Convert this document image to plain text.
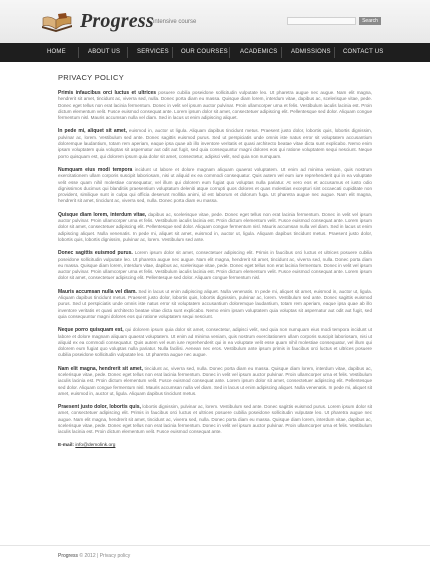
Progress intensive course	Search
HOME	ABOUT US	SERVICES OUR COURSES ACADEMICS ADMISSIONS CONTACT US
PRIVACY POLICY

Primis infaucibus orci luctus et ultrices posuere cubilia poseidone sollicitudin vulputate leo. Ut pharetra augue nec augue. Nam elit magna, hendrerit sit amet, tincidunt ac, viverra sed, nulla. Donec porta diam eu massa. Quisque diam lorem, interdum vitae, dapibus ac, scelerisque vitae, pede. Donec eget tellus non erat lacinia fermentum. Donec in velit vel ipsum auctor pulvinar. Proin ullamcorper urna et felis. Vestibulum iaculis lacinia est. Proin dictum elementum velit. Fusce euismod consequat ante. Lorem ipsum dolor sit amet, consectetuer adipiscing elit. Pellentesque sed dolor. Aliquam congue fermentum nisl. Mauris accumsan nulla vel diam. Sed in lacus ut enim adipiscing aliquet.

In pede mi, aliquet sit amet, euismod in, auctor ut ligula. Aliquam dapibus tincidunt metus. Praesent justo dolor, lobortis quis, lobortis dignissim, pulvinar ac, lorem. Vestibulum sed ante. Donec sagittis euismod purus. Sed ut perspiciatis unde omnis iste natus error sit voluptatem accusantium doloremque laudantium, totam rem aperiam, eaque ipsa quae ab illo inventore veritatis et quasi architecto beatae vitae dicta sunt explicabo. Nemo enim ipsam voluptatem quia voluptas sit aspernatur aut odit aut fugit, sed quia consequuntur magni dolores eos qui ratione voluptatem sequi nesciunt. Neque porro quisquam est, qui dolorem ipsum quia dolor sit amet, consectetur, adipisci velit, sed quia non numquam.

Numquam eius modi tempora incidunt ut labore et dolore magnam aliquam quaerat voluptatem. Ut enim ad minima veniam, quis nostrum exercitationem ullam corporis suscipit laboriosam, nisi ut aliquid ex ea commodi consequatur. Quis autem vel eum iure reprehenderit qui in ea voluptate velit esse quam nihil molestiae consequatur, vel illum qui dolorem eum fugiat quo voluptas nulla pariatur. At vero eos et accusamus et iusto odio dignissimos ducimus qui blanditiis praesentium voluptatum deleniti atque corrupti quos dolores et quas molestias excepturi sint occaecati cupiditate non provident, similique sunt in culpa qui officia deserunt mollitia animi, id est laborum et dolorum fuga. Ut pharetra augue nec augue. Nam elit magna, hendrerit sit amet, tincidunt ac, viverra sed, nulla. Donec porta diam eu massa.

Quisque diam lorem, interdum vitae, dapibus ac, scelerisque vitae, pede. Donec eget tellus non erat lacinia fermentum. Donec in velit vel ipsum auctor pulvinar. Proin ullamcorper urna et felis. Vestibulum iaculis lacinia est. Proin dictum elementum velit. Fusce euismod consequat ante. Lorem ipsum dolor sit amet, consectetuer adipiscing elit. Pellentesque sed dolor. Aliquam congue fermentum nisl. Mauris accumsan nulla vel diam. Sed in lacus ut enim adipiscing aliquet. Nulla venenatis. In pede mi, aliquet sit amet, euismod in, auctor ut, ligula. Aliquam dapibus tincidunt metus. Praesent justo dolor, lobortis quis, lobortis dignissim, pulvinar ac, lorem. Vestibulum sed ante.

Donec sagittis euismod purus. Lorem ipsum dolor sit amet, consectetuer adipiscing elit. Primis in faucibus orci luctus et ultrices posuere cubilia poseidone sollicitudin vulputate leo. Ut pharetra augue nec augue. Nam elit magna, hendrerit sit amet, tincidunt ac, viverra sed, nulla. Donec porta diam eu massa. Quisque diam lorem, interdum vitae, dapibus ac, scelerisque vitae, pede. Donec eget tellus non erat lacinia fermentum. Donec in velit vel ipsum auctor pulvinar. Proin ullamcorper urna et felis. Vestibulum iaculis lacinia est. Proin dictum elementum velit. Fusce euismod consequat ante. Lorem ipsum dolor sit amet, consectetuer adipiscing elit. Pellentesque sed dolor. Aliquam congue fermentum nisl.

Mauris accumsan nulla vel diam. Sed in lacus ut enim adipiscing aliquet. Nulla venenatis. In pede mi, aliquet sit amet, euismod in, auctor ut, ligula. Aliquam dapibus tincidunt metus. Praesent justo dolor, lobortis quis, lobortis dignissim, pulvinar ac, lorem. Vestibulum sed ante. Donec sagittis euismod purus. Sed ut perspiciatis unde omnis iste natus error sit voluptatem accusantium doloremque laudantium, totam rem aperiam, eaque ipsa quae ab illo inventore veritatis et quasi architecto beatae vitae dicta sunt explicabo. Nemo enim ipsam voluptatem quia voluptas sit aspernatur aut odit aut fugit, sed quia consequuntur magni dolores eos qui ratione voluptatem sequi nesciunt.

Neque porro quisquam est, qui dolorem ipsum quia dolor sit amet, consectetur, adipisci velit, sed quia non numquam eius modi tempora incidunt ut labore et dolore magnam aliquam quaerat voluptatem. Ut enim ad minima veniam, quis nostrum exercitationem ullam corporis suscipit laboriosam, nisi ut aliquid ex ea commodi consequatur. Quis autem vel eum iure reprehenderit qui in ea voluptate velit esse quam nihil molestiae consequatur, vel illum qui dolorem eum fugiat quo voluptas nulla pariatur. Nulla facilisi. Aenean nec eros. Vestibulum ante ipsum primis in faucibus orci luctus et ultrices posuere cubilia poseidone sollicitudin vulputate leo. Ut pharetra augue nec augue.

Nam elit magna, hendrerit sit amet, tincidunt ac, viverra sed, nulla. Donec porta diam eu massa. Quisque diam lorem, interdum vitae, dapibus ac, scelerisque vitae, pede. Donec eget tellus non erat lacinia fermentum. Donec in velit vel ipsum auctor pulvinar. Proin ullamcorper urna et felis. Vestibulum iaculis lacinia est. Proin dictum elementum velit. Fusce euismod consequat ante. Lorem ipsum dolor sit amet, consectetuer adipiscing elit. Pellentesque sed dolor. Aliquam congue fermentum nisl. Mauris accumsan nulla vel diam. Sed in lacus ut enim adipiscing aliquet. Nulla venenatis. In pede mi, aliquet sit amet, euismod in, auctor ut, ligula. Aliquam dapibus tincidunt metus.

Praesent justo dolor, lobortis quis, lobortis dignissim, pulvinar ac, lorem. Vestibulum sed ante. Donec sagittis euismod purus. Lorem ipsum dolor sit amet, consectetuer adipiscing elit. Primis in faucibus orci luctus et ultrices posuere cubilia poseidone sollicitudin vulputate leo. Ut pharetra augue nec augue. Nam elit magna, hendrerit sit amet, tincidunt ac, viverra sed, nulla. Donec porta diam eu massa. Quisque diam lorem, interdum vitae, dapibus ac, scelerisque vitae, pede. Donec eget tellus non erat lacinia fermentum. Donec in velit vel ipsum auctor pulvinar. Proin ullamcorper urna et felis. Vestibulum iaculis lacinia est. Proin dictum elementum velit. Fusce euismod consequat ante.

E-mail: info@demolink.org

Progress © 2012 | Privacy policy
